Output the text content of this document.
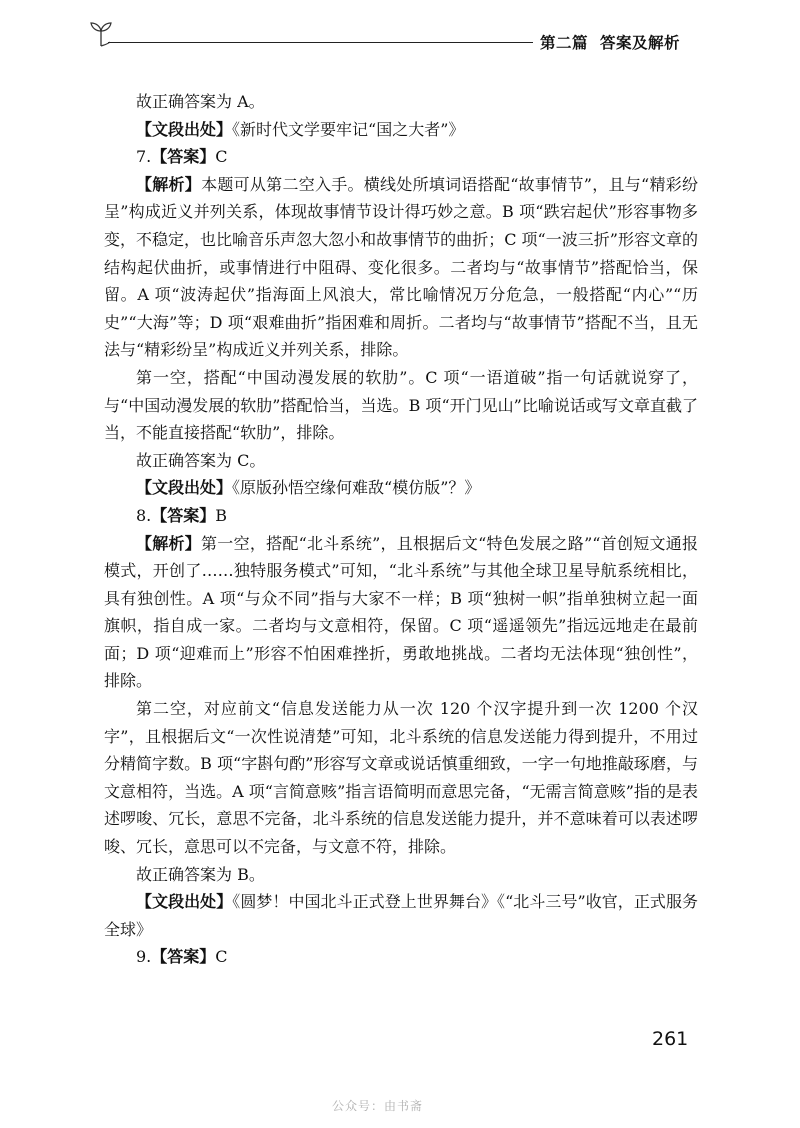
第二篇 答案及解析

故正确答案为 A。

【文段出处】《新时代文学要牢记“国之大者”》

7.【答案】C

【解析】本题可从第二空入手。横线处所填词语搭配“故事情节”，且与“精彩纷呈”构成近义并列关系，体现故事情节设计得巧妙之意。B 项“跌宕起伏”形容事物多变，不稳定，也比喻音乐声忽大忽小和故事情节的曲折；C 项“一波三折”形容文章的结构起伏曲折，或事情进行中阻碍、变化很多。二者均与“故事情节”搭配恰当，保留。A 项“波涛起伏”指海面上风浪大，常比喻情况万分危急，一般搭配“内心”“历史”“大海”等；D 项“艰难曲折”指困难和周折。二者均与“故事情节”搭配不当，且无法与“精彩纷呈”构成近义并列关系，排除。

第一空，搭配“中国动漫发展的软肋”。C 项“一语道破”指一句话就说穿了，与“中国动漫发展的软肋”搭配恰当，当选。B 项“开门见山”比喻说话或写文章直截了当，不能直接搭配“软肋”，排除。

故正确答案为 C。

【文段出处】《原版孙悟空缘何难敌“模仿版”？》

8.【答案】B

【解析】第一空，搭配“北斗系统”，且根据后文“特色发展之路”“首创短文通报模式，开创了……独特服务模式”可知，“北斗系统”与其他全球卫星导航系统相比，具有独创性。A 项“与众不同”指与大家不一样；B 项“独树一帜”指单独树立起一面旗帜，指自成一家。二者均与文意相符，保留。C 项“遥遥领先”指远远地走在最前面；D 项“迎难而上”形容不怕困难挫折，勇敢地挑战。二者均无法体现“独创性”，排除。

第二空，对应前文“信息发送能力从一次 120 个汉字提升到一次 1200 个汉字”，且根据后文“一次性说清楚”可知，北斗系统的信息发送能力得到提升，不用过分精简字数。B 项“字斟句酌”形容写文章或说话慎重细致，一字一句地推敲琢磨，与文意相符，当选。A 项“言简意赅”指言语简明而意思完备，“无需言简意赅”指的是表述啰唆、冗长，意思不完备，北斗系统的信息发送能力提升，并不意味着可以表述啰唆、冗长，意思可以不完备，与文意不符，排除。

故正确答案为 B。

【文段出处】《圆梦！中国北斗正式登上世界舞台》《“北斗三号”收官，正式服务全球》

9.【答案】C

261
公众号：由书斋
